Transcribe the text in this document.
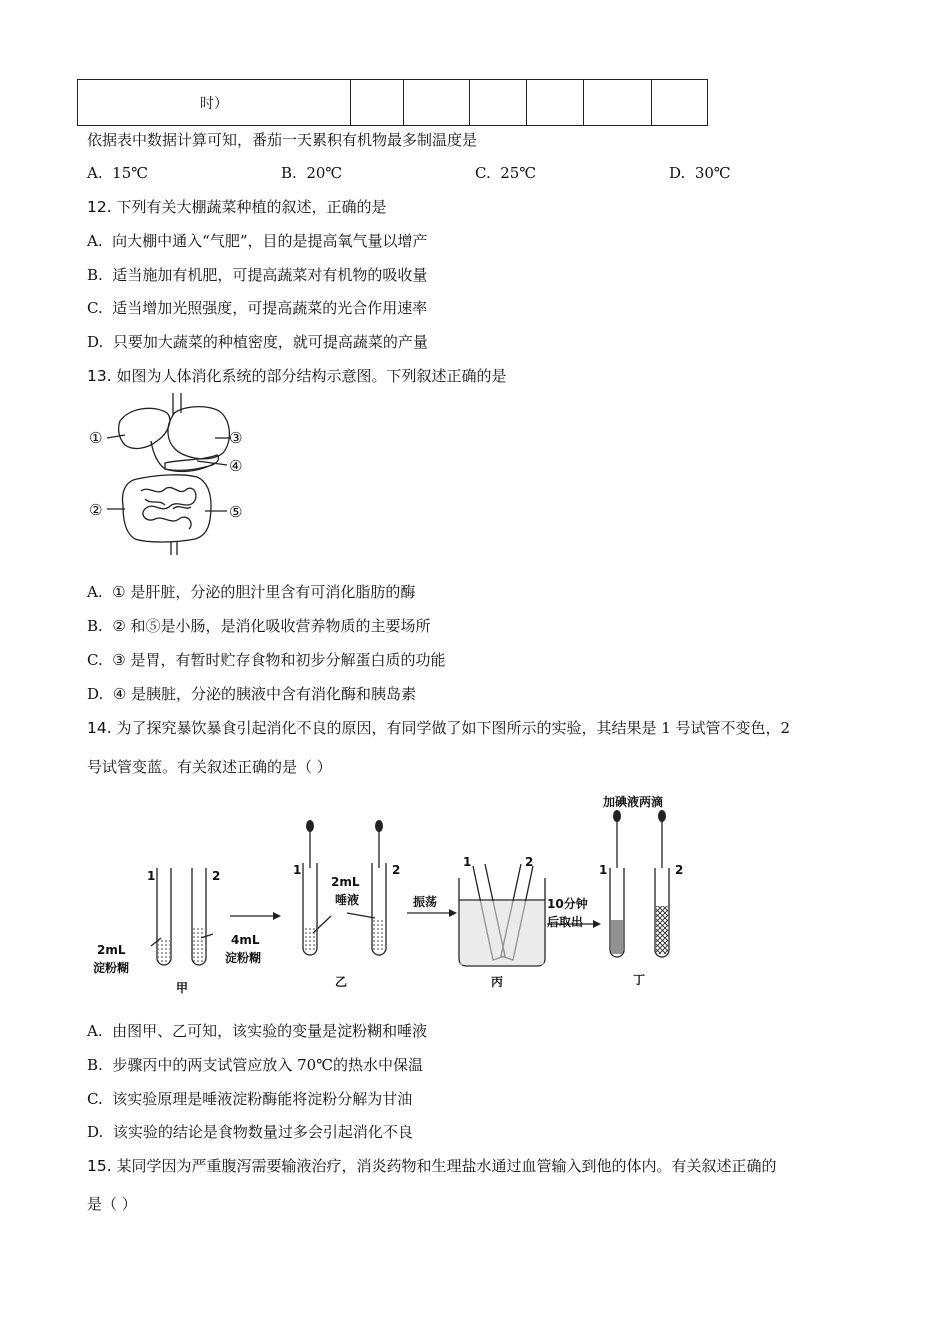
时）						
依据表中数据计算可知，番茄一天累积有机物最多制温度是
A. 15℃	B. 20℃	C. 25℃	D. 30℃
12. 下列有关大棚蔬菜种植的叙述，正确的是
A. 向大棚中通入“气肥”，目的是提高氧气量以增产
B. 适当施加有机肥，可提高蔬菜对有机物的吸收量
C. 适当增加光照强度，可提高蔬菜的光合作用速率
D. 只要加大蔬菜的种植密度，就可提高蔬菜的产量
13. 如图为人体消化系统的部分结构示意图。下列叙述正确的是
①
②
③
④
⑤
A. ① 是肝脏，分泌的胆汁里含有可消化脂肪的酶
B. ② 和⑤是小肠，是消化吸收营养物质的主要场所
C. ③ 是胃，有暂时贮存食物和初步分解蛋白质的功能
D. ④ 是胰脏，分泌的胰液中含有消化酶和胰岛素
14. 为了探究暴饮暴食引起消化不良的原因，有同学做了如下图所示的实验，其结果是 1 号试管不变色，2
号试管变蓝。有关叙述正确的是（ ）
1	2
2mL
淀粉糊
4mL
淀粉糊
甲
1	2
2mL
唾液
乙
振荡
1	2
丙
10分钟
后取出
加碘液两滴
1	2
丁
A. 由图甲、乙可知，该实验的变量是淀粉糊和唾液
B. 步骤丙中的两支试管应放入 70℃的热水中保温
C. 该实验原理是唾液淀粉酶能将淀粉分解为甘油
D. 该实验的结论是食物数量过多会引起消化不良
15. 某同学因为严重腹泻需要输液治疗，消炎药物和生理盐水通过血管输入到他的体内。有关叙述正确的
是（ ）
